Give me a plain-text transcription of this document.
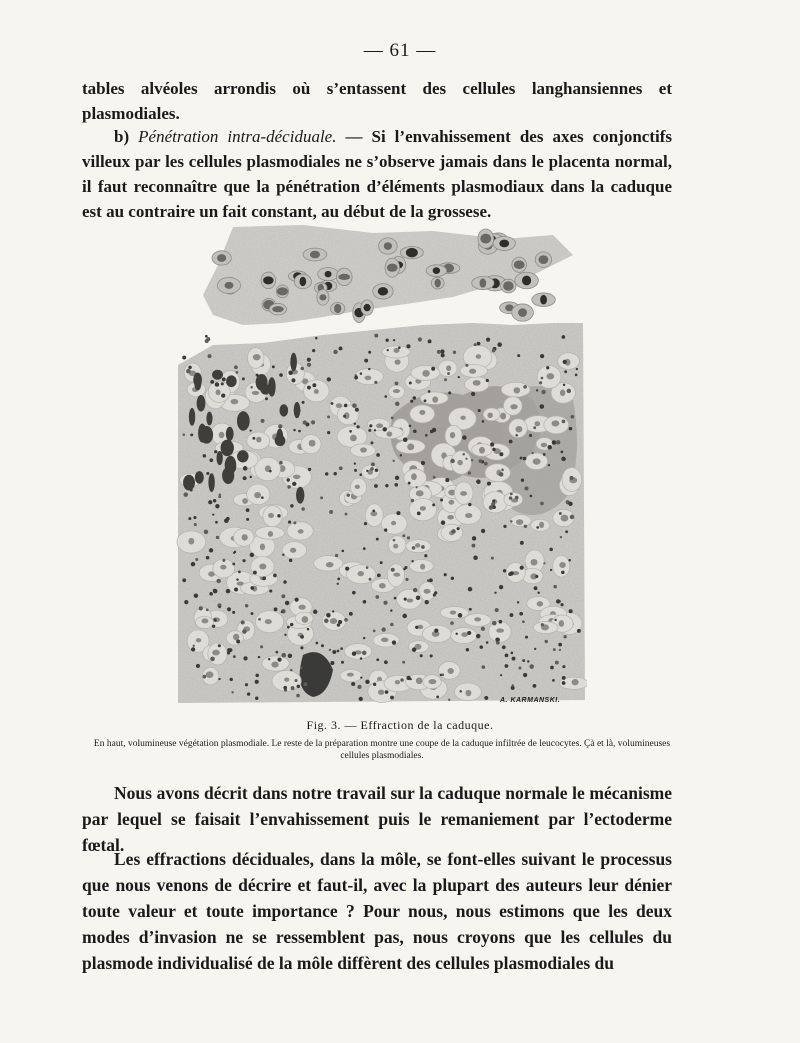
— 61 —

tables alvéoles arrondis où s’entassent des cellules langhansiennes et plasmodiales.

b) Pénétration intra-déciduale. — Si l’envahissement des axes conjonctifs villeux par les cellules plasmodiales ne s’observe jamais dans le placenta normal, il faut reconnaître que la pénétration d’éléments plasmodiaux dans la caduque est au contraire un fait constant, au début de la grossese.

A. KARMANSKI.
Fig. 3. — Effraction de la caduque.
En haut, volumineuse végétation plasmodiale. Le reste de la préparation montre une coupe de la caduque infiltrée de leucocytes. Çà et là, volumineuses cellules plasmodiales.

Nous avons décrit dans notre travail sur la caduque normale le mécanisme par lequel se faisait l’envahissement puis le remaniement par l’ectoderme fœtal.

Les effractions déciduales, dans la môle, se font-elles suivant le processus que nous venons de décrire et faut-il, avec la plupart des auteurs leur dénier toute valeur et toute importance ? Pour nous, nous estimons que les deux modes d’invasion ne se ressemblent pas, nous croyons que les cellules du plasmode individualisé de la môle diffèrent des cellules plasmodiales du
